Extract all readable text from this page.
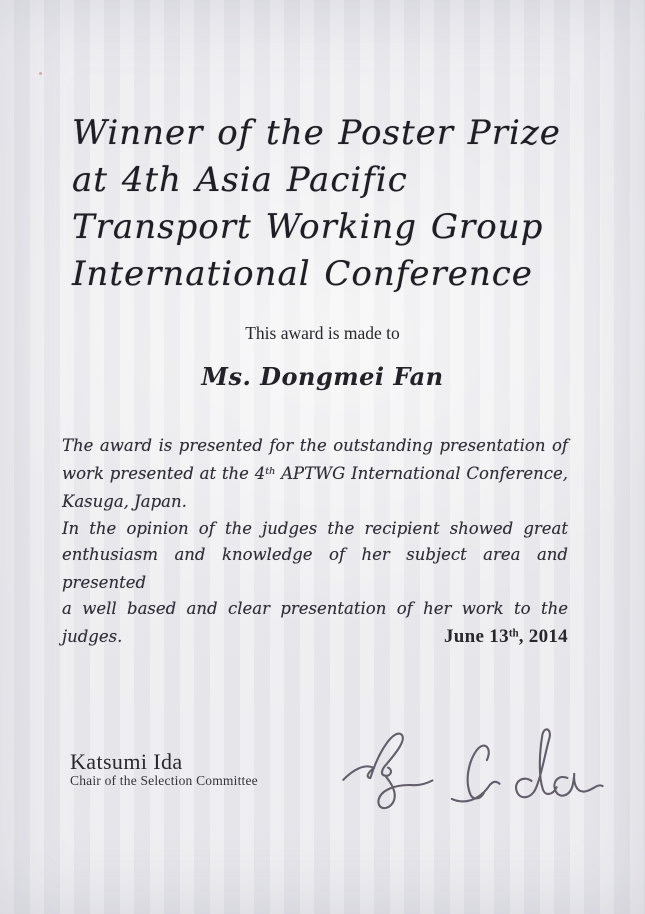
Winner of the Poster Prize
at 4th Asia Pacific
Transport Working Group
International Conference
This award is made to
Ms. Dongmei Fan
The award is presented for the outstanding presentation of
work presented at the 4th APTWG International Conference,
Kasuga, Japan.
In the opinion of the judges the recipient showed great
enthusiasm and knowledge of her subject area and presented
a well based and clear presentation of her work to the judges.	June 13th, 2014
Katsumi Ida
Chair of the Selection Committee
